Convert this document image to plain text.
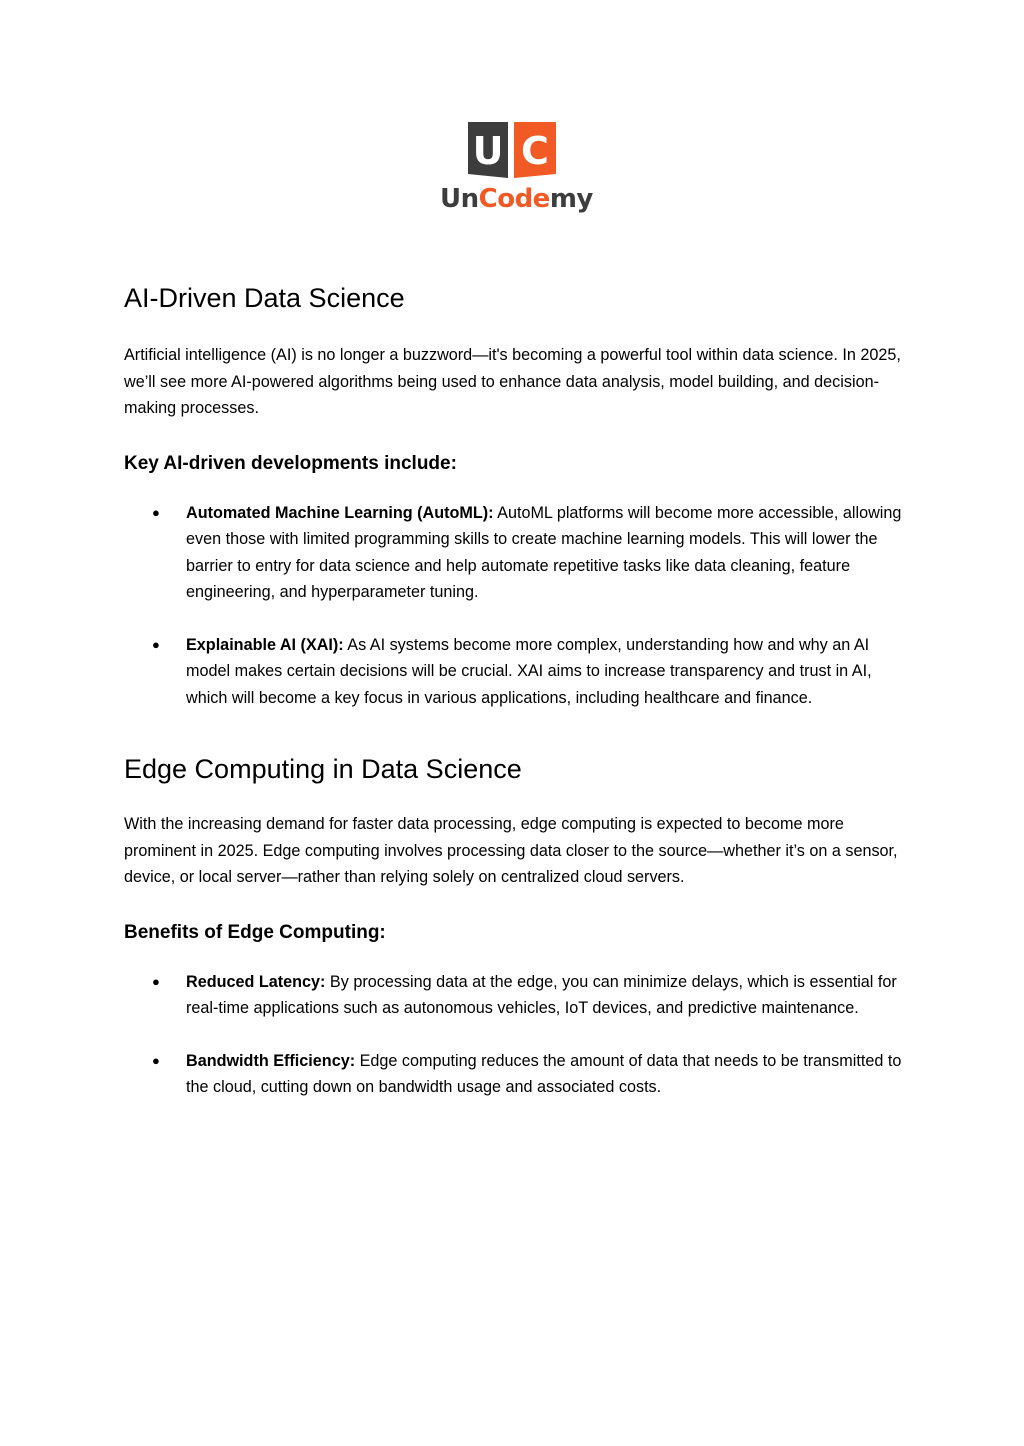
U C
UnCodemy
AI-Driven Data Science

Artificial intelligence (AI) is no longer a buzzword—it's becoming a powerful tool within data science. In 2025, we’ll see more AI-powered algorithms being used to enhance data analysis, model building, and decision-making processes.

Key AI-driven developments include:
● Automated Machine Learning (AutoML): AutoML platforms will become more accessible, allowing even those with limited programming skills to create machine learning models. This will lower the barrier to entry for data science and help automate repetitive tasks like data cleaning, feature engineering, and hyperparameter tuning.
● Explainable AI (XAI): As AI systems become more complex, understanding how and why an AI model makes certain decisions will be crucial. XAI aims to increase transparency and trust in AI, which will become a key focus in various applications, including healthcare and finance.
Edge Computing in Data Science

With the increasing demand for faster data processing, edge computing is expected to become more prominent in 2025. Edge computing involves processing data closer to the source—whether it’s on a sensor, device, or local server—rather than relying solely on centralized cloud servers.

Benefits of Edge Computing:
● Reduced Latency: By processing data at the edge, you can minimize delays, which is essential for real-time applications such as autonomous vehicles, IoT devices, and predictive maintenance.
● Bandwidth Efficiency: Edge computing reduces the amount of data that needs to be transmitted to the cloud, cutting down on bandwidth usage and associated costs.
